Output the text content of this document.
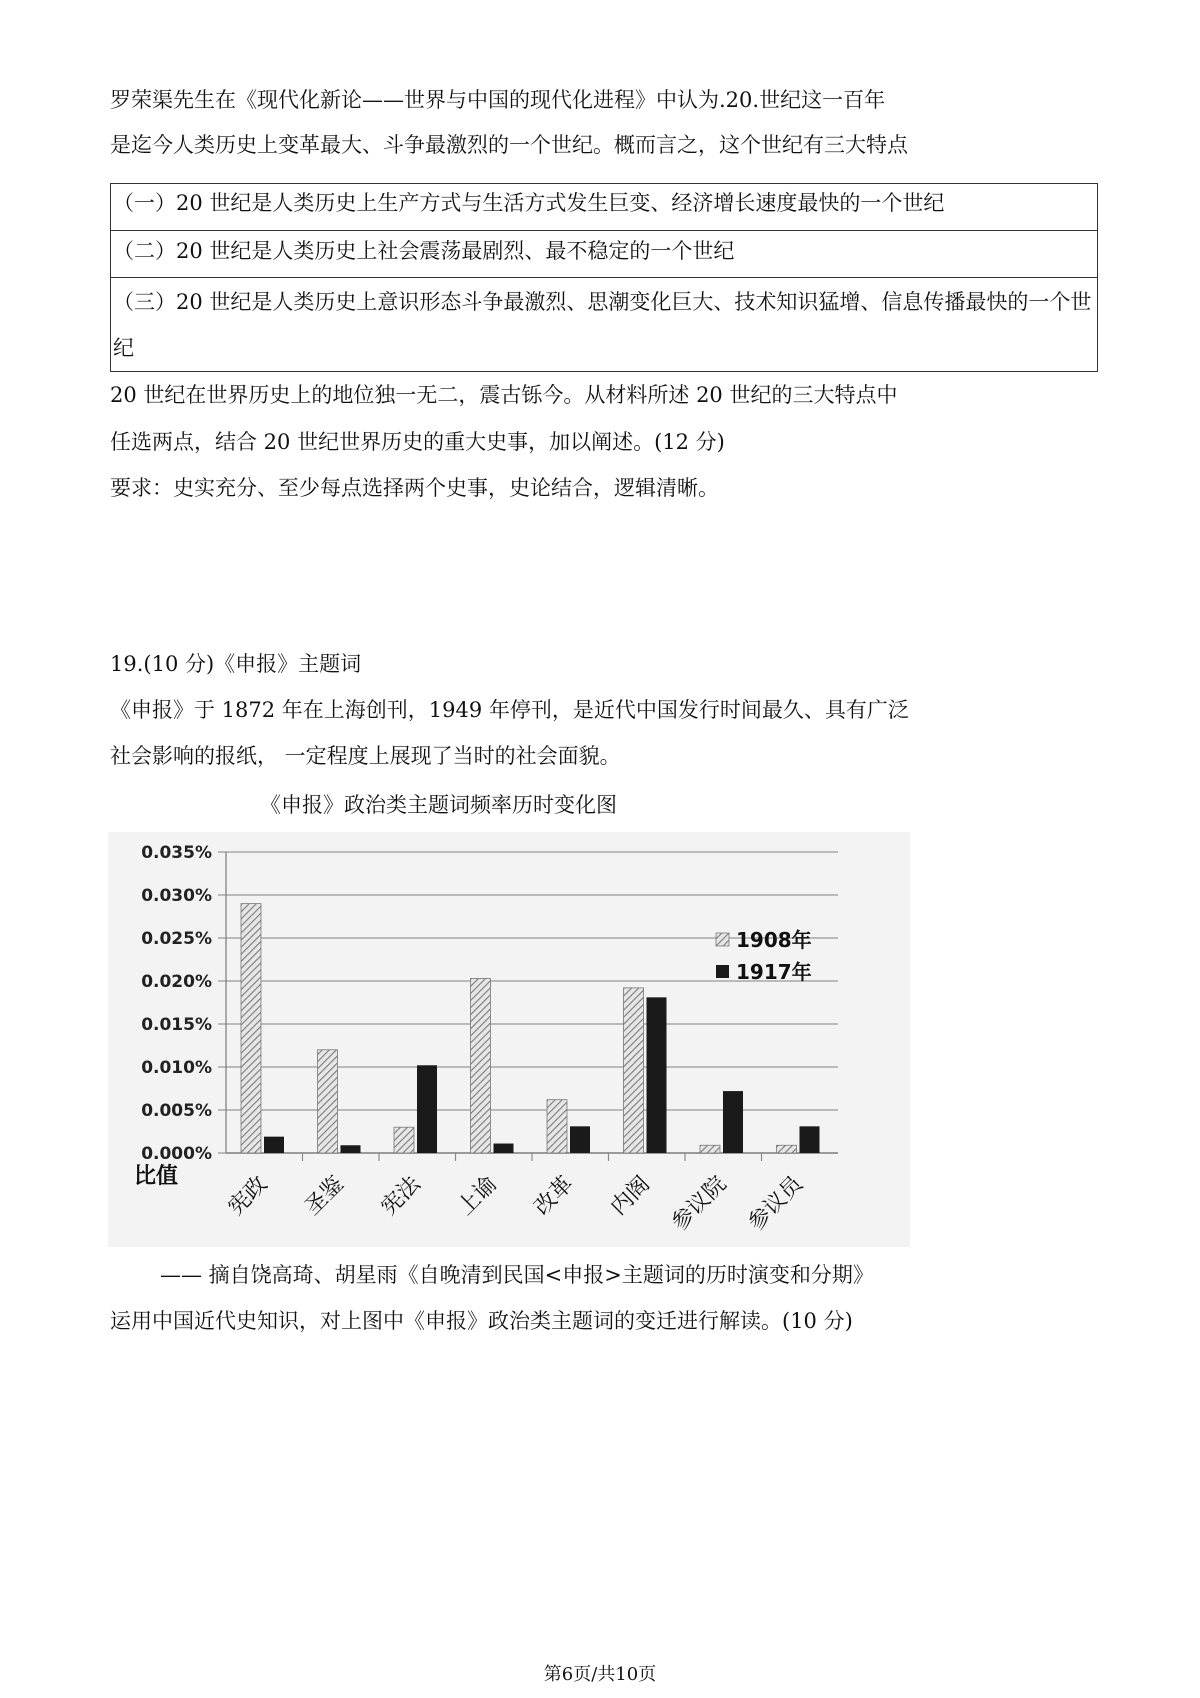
罗荣渠先生在《现代化新论——世界与中国的现代化进程》中认为.20.世纪这一百年
是迄今人类历史上变革最大、斗争最激烈的一个世纪。概而言之，这个世纪有三大特点
（一）20 世纪是人类历史上生产方式与生活方式发生巨变、经济增长速度最快的一个世纪
（二）20 世纪是人类历史上社会震荡最剧烈、最不稳定的一个世纪
（三）20 世纪是人类历史上意识形态斗争最激烈、思潮变化巨大、技术知识猛增、信息传播最快的一个世纪
20 世纪在世界历史上的地位独一无二，震古铄今。从材料所述 20 世纪的三大特点中
任选两点，结合 20 世纪世界历史的重大史事，加以阐述。(12 分)
要求：史实充分、至少每点选择两个史事，史论结合，逻辑清晰。
19.(10 分)《申报》主题词
《申报》于 1872 年在上海创刊，1949 年停刊，是近代中国发行时间最久、具有广泛
社会影响的报纸， 一定程度上展现了当时的社会面貌。
《申报》政治类主题词频率历时变化图
0.000%
0.005%
0.010%
0.015%
0.020%
0.025%
0.030%
0.035%
宪政 圣鉴 宪法 上谕 改革 内阁 参议院 参议员
比值
1908年
1917年
—— 摘自饶高琦、胡星雨《自晚清到民国<申报>主题词的历时演变和分期》
运用中国近代史知识，对上图中《申报》政治类主题词的变迁进行解读。(10 分)
第6页/共10页
